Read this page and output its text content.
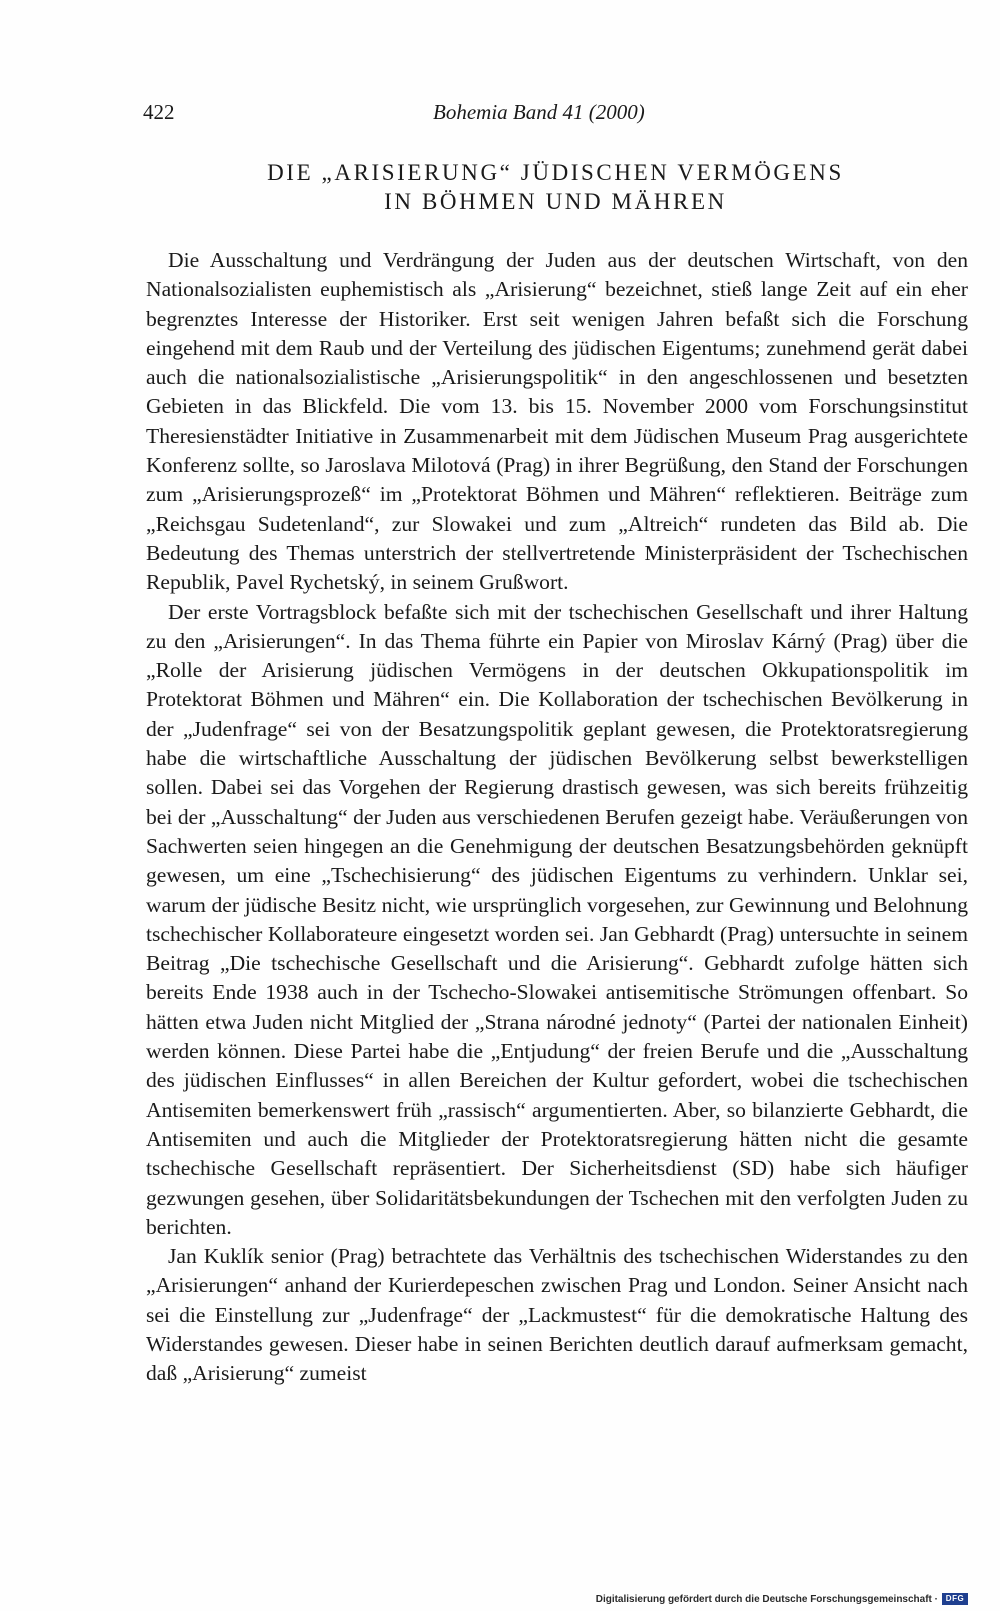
422	Bohemia Band 41 (2000)
DIE „ARISIERUNG“ JÜDISCHEN VERMÖGENS
IN BÖHMEN UND MÄHREN

Die Ausschaltung und Verdrängung der Juden aus der deutschen Wirtschaft, von den Nationalsozialisten euphemistisch als „Arisierung“ bezeichnet, stieß lange Zeit auf ein eher begrenztes Interesse der Historiker. Erst seit wenigen Jahren befaßt sich die Forschung eingehend mit dem Raub und der Verteilung des jüdischen Eigentums; zunehmend gerät dabei auch die nationalsozialistische „Arisierungspolitik“ in den angeschlossenen und besetzten Gebieten in das Blickfeld. Die vom 13. bis 15. November 2000 vom Forschungsinstitut Theresienstädter Initiative in Zusammenarbeit mit dem Jüdischen Museum Prag ausgerichtete Konferenz sollte, so Jaroslava Milotová (Prag) in ihrer Begrüßung, den Stand der Forschungen zum „Arisierungsprozeß“ im „Protektorat Böhmen und Mähren“ reflektieren. Beiträge zum „Reichsgau Sudetenland“, zur Slowakei und zum „Altreich“ rundeten das Bild ab. Die Bedeutung des Themas unterstrich der stellvertretende Ministerpräsident der Tschechischen Republik, Pavel Rychetský, in seinem Grußwort.

Der erste Vortragsblock befaßte sich mit der tschechischen Gesellschaft und ihrer Haltung zu den „Arisierungen“. In das Thema führte ein Papier von Miroslav Kárný (Prag) über die „Rolle der Arisierung jüdischen Vermögens in der deutschen Okkupationspolitik im Protektorat Böhmen und Mähren“ ein. Die Kollaboration der tschechischen Bevölkerung in der „Judenfrage“ sei von der Besatzungspolitik geplant gewesen, die Protektoratsregierung habe die wirtschaftliche Ausschaltung der jüdischen Bevölkerung selbst bewerkstelligen sollen. Dabei sei das Vorgehen der Regierung drastisch gewesen, was sich bereits frühzeitig bei der „Ausschaltung“ der Juden aus verschiedenen Berufen gezeigt habe. Veräußerungen von Sachwerten seien hingegen an die Genehmigung der deutschen Besatzungsbehörden geknüpft gewesen, um eine „Tschechisierung“ des jüdischen Eigentums zu verhindern. Unklar sei, warum der jüdische Besitz nicht, wie ursprünglich vorgesehen, zur Gewinnung und Belohnung tschechischer Kollaborateure eingesetzt worden sei. Jan Gebhardt (Prag) untersuchte in seinem Beitrag „Die tschechische Gesellschaft und die Arisierung“. Gebhardt zufolge hätten sich bereits Ende 1938 auch in der Tschecho-Slowakei antisemitische Strömungen offenbart. So hätten etwa Juden nicht Mitglied der „Strana národné jednoty“ (Partei der nationalen Einheit) werden können. Diese Partei habe die „Entjudung“ der freien Berufe und die „Ausschaltung des jüdischen Einflusses“ in allen Bereichen der Kultur gefordert, wobei die tschechischen Antisemiten bemerkenswert früh „rassisch“ argumentierten. Aber, so bilanzierte Gebhardt, die Antisemiten und auch die Mitglieder der Protektoratsregierung hätten nicht die gesamte tschechische Gesellschaft repräsentiert. Der Sicherheitsdienst (SD) habe sich häufiger gezwungen gesehen, über Solidaritätsbekundungen der Tschechen mit den verfolgten Juden zu berichten.

Jan Kuklík senior (Prag) betrachtete das Verhältnis des tschechischen Widerstandes zu den „Arisierungen“ anhand der Kurierdepeschen zwischen Prag und London. Seiner Ansicht nach sei die Einstellung zur „Judenfrage“ der „Lackmustest“ für die demokratische Haltung des Widerstandes gewesen. Dieser habe in seinen Berichten deutlich darauf aufmerksam gemacht, daß „Arisierung“ zumeist

Digitalisierung gefördert durch die Deutsche Forschungsgemeinschaft · DFG
